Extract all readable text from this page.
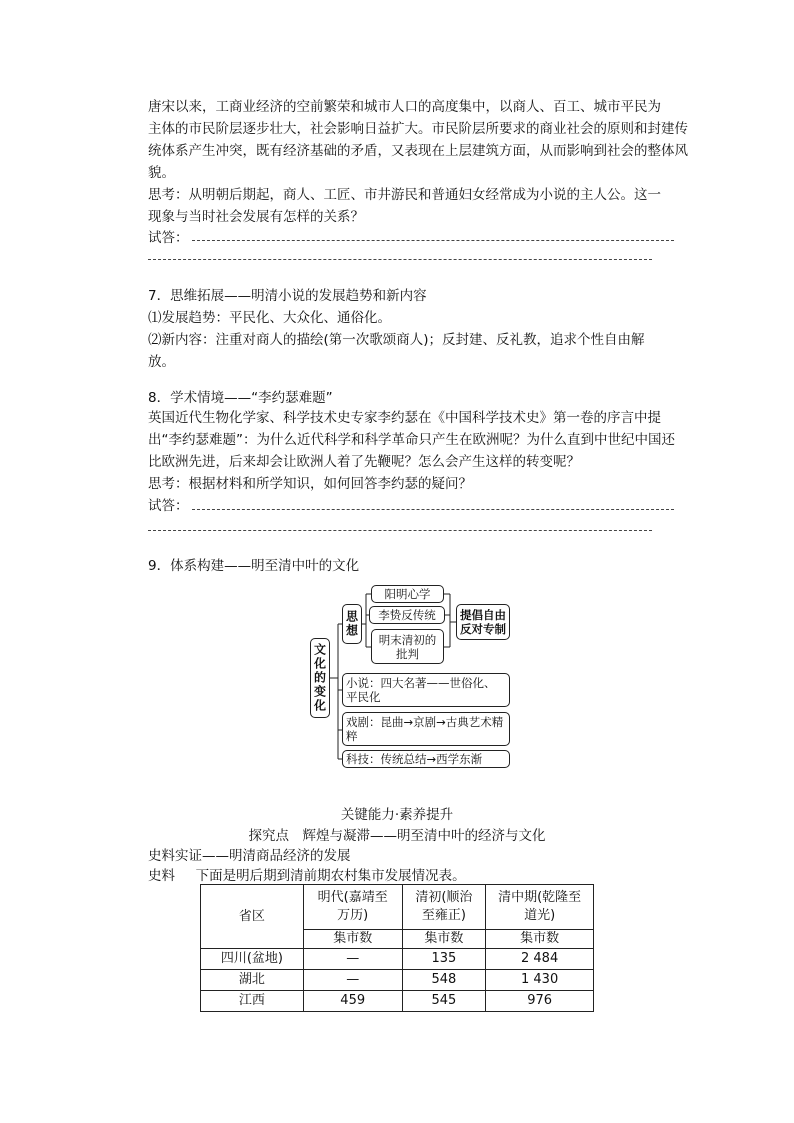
唐宋以来，工商业经济的空前繁荣和城市人口的高度集中，以商人、百工、城市平民为
主体的市民阶层逐步壮大，社会影响日益扩大。市民阶层所要求的商业社会的原则和封建传
统体系产生冲突，既有经济基础的矛盾，又表现在上层建筑方面，从而影响到社会的整体风
貌。
思考：从明朝后期起，商人、工匠、市井游民和普通妇女经常成为小说的主人公。这一
现象与当时社会发展有怎样的关系？
试答：
7．思维拓展——明清小说的发展趋势和新内容
⑴发展趋势：平民化、大众化、通俗化。
⑵新内容：注重对商人的描绘(第一次歌颂商人)；反封建、反礼教，追求个性自由解
放。
8．学术情境——“李约瑟难题”
英国近代生物化学家、科学技术史专家李约瑟在《中国科学技术史》第一卷的序言中提
出“李约瑟难题”：为什么近代科学和科学革命只产生在欧洲呢？为什么直到中世纪中国还
比欧洲先进，后来却会让欧洲人着了先鞭呢？怎么会产生这样的转变呢？
思考：根据材料和所学知识，如何回答李约瑟的疑问？
试答：
9．体系构建——明至清中叶的文化
文化的变化
思想
阳明心学
李贽反传统
明末清初的批判
提倡自由反对专制
小说：四大名著——世俗化、平民化
戏剧：昆曲→京剧→古典艺术精粹
科技：传统总结→西学东渐
关键能力·素养提升
探究点　辉煌与凝滞——明至清中叶的经济与文化
史料实证——明清商品经济的发展
史料 下面是明后期到清前期农村集市发展情况表。
省区	明代(嘉靖至万历)	清初(顺治至雍正)	清中期(乾隆至道光)
	集市数	集市数	集市数
四川(盆地)	—	135	2 484
湖北	—	548	1 430
江西	459	545	976
